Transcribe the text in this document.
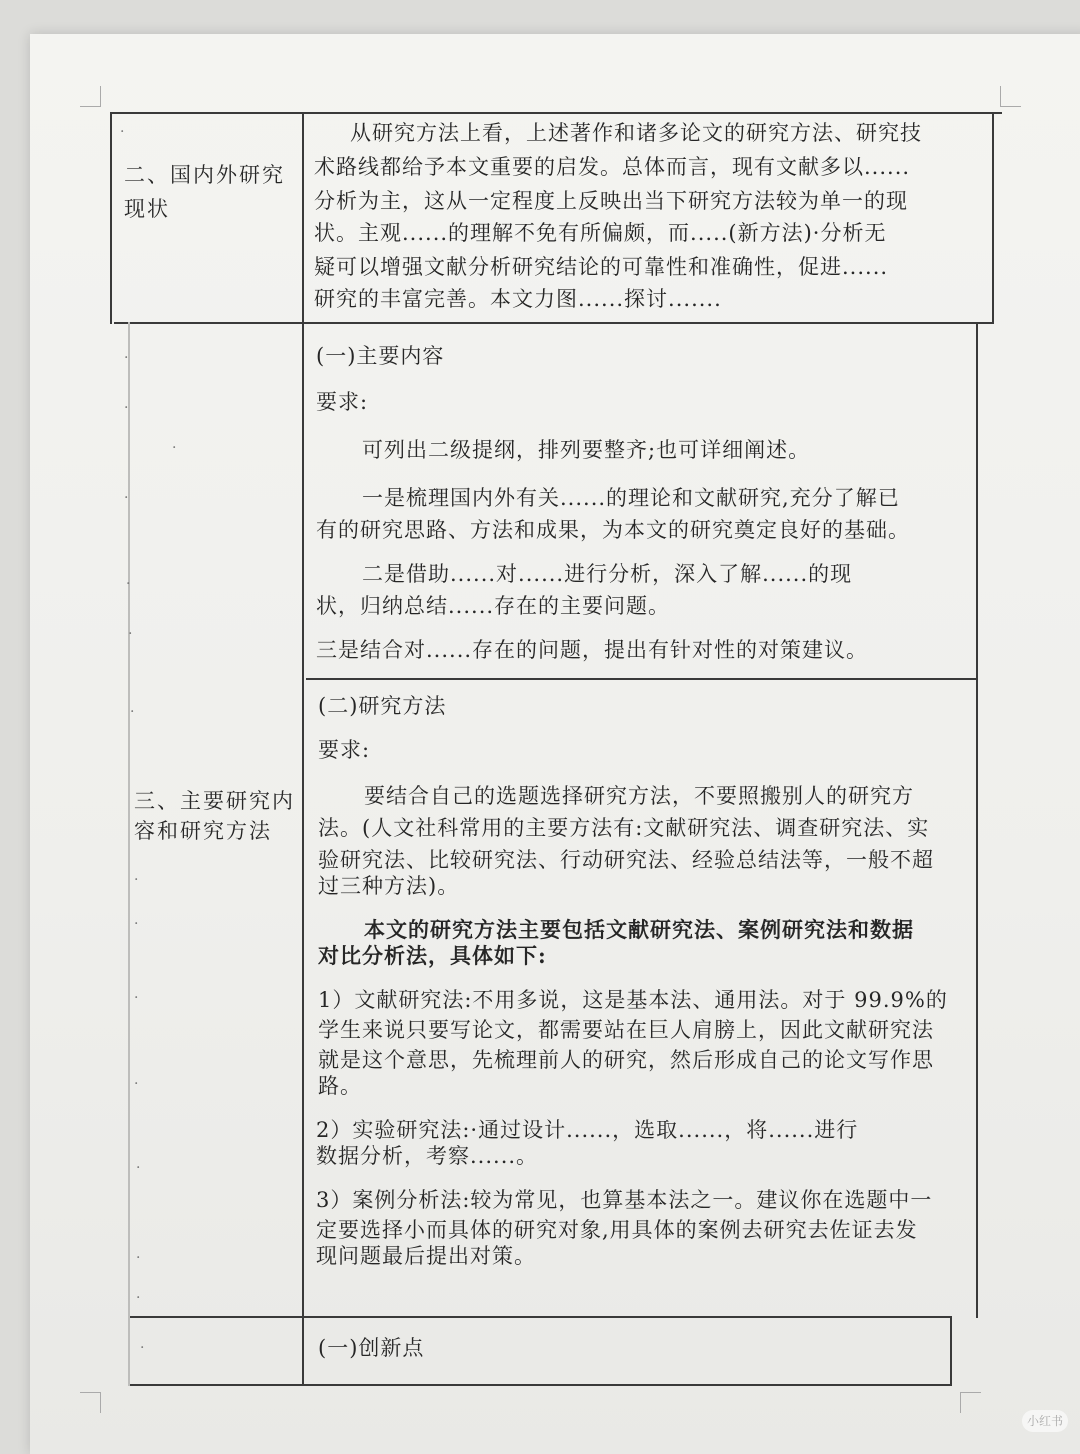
二、国内外研究现状
从研究方法上看，上述著作和诸多论文的研究方法、研究技
术路线都给予本文重要的启发。总体而言，现有文献多以......
分析为主，这从一定程度上反映出当下研究方法较为单一的现
状。主观......的理解不免有所偏颇，而.....(新方法)·分析无
疑可以增强文献分析研究结论的可靠性和准确性，促进......
研究的丰富完善。本文力图......探讨.......
三、主要研究内
容和研究方法
(一)主要内容
要求:
可列出二级提纲，排列要整齐;也可详细阐述。
一是梳理国内外有关......的理论和文献研究,充分了解已
有的研究思路、方法和成果，为本文的研究奠定良好的基础。
二是借助......对......进行分析，深入了解......的现
状，归纳总结......存在的主要问题。
三是结合对......存在的问题，提出有针对性的对策建议。
(二)研究方法
要求:
要结合自己的选题选择研究方法，不要照搬别人的研究方
法。(人文社科常用的主要方法有:文献研究法、调查研究法、实
验研究法、比较研究法、行动研究法、经验总结法等，一般不超
过三种方法)。
本文的研究方法主要包括文献研究法、案例研究法和数据
对比分析法，具体如下:
1）文献研究法:不用多说，这是基本法、通用法。对于 99.9%的
学生来说只要写论文，都需要站在巨人肩膀上，因此文献研究法
就是这个意思，先梳理前人的研究，然后形成自己的论文写作思
路。
2）实验研究法:·通过设计......，选取......，将......进行
数据分析，考察......。
3）案例分析法:较为常见，也算基本法之一。建议你在选题中一
定要选择小而具体的研究对象,用具体的案例去研究去佐证去发
现问题最后提出对策。
(一)创新点
·
·
·
·
·
·
·
·
·
·
·
·
·
·
·
·
小红书
